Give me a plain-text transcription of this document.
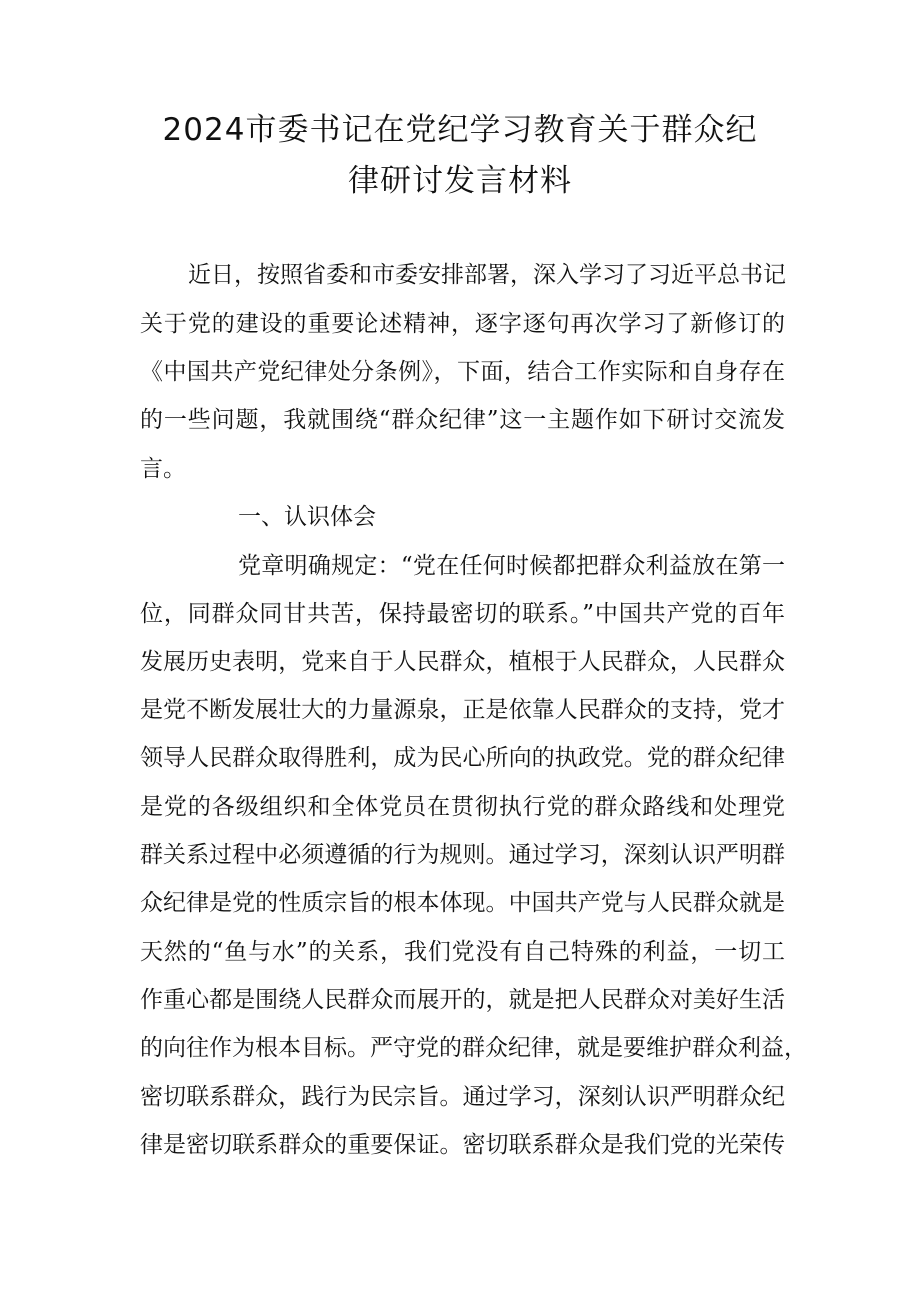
2024市委书记在党纪学习教育关于群众纪
律研讨发言材料
近日，按照省委和市委安排部署，深入学习了习近平总书记
关于党的建设的重要论述精神，逐字逐句再次学习了新修订的
《中国共产党纪律处分条例》，下面，结合工作实际和自身存在
的一些问题，我就围绕“群众纪律”这一主题作如下研讨交流发
言。
一、认识体会
党章明确规定：“党在任何时候都把群众利益放在第一
位，同群众同甘共苦，保持最密切的联系。”中国共产党的百年
发展历史表明，党来自于人民群众，植根于人民群众，人民群众
是党不断发展壮大的力量源泉，正是依靠人民群众的支持，党才
领导人民群众取得胜利，成为民心所向的执政党。党的群众纪律
是党的各级组织和全体党员在贯彻执行党的群众路线和处理党
群关系过程中必须遵循的行为规则。通过学习，深刻认识严明群
众纪律是党的性质宗旨的根本体现。中国共产党与人民群众就是
天然的“鱼与水”的关系，我们党没有自己特殊的利益，一切工
作重心都是围绕人民群众而展开的，就是把人民群众对美好生活
的向往作为根本目标。严守党的群众纪律，就是要维护群众利益，
密切联系群众，践行为民宗旨。通过学习，深刻认识严明群众纪
律是密切联系群众的重要保证。密切联系群众是我们党的光荣传
